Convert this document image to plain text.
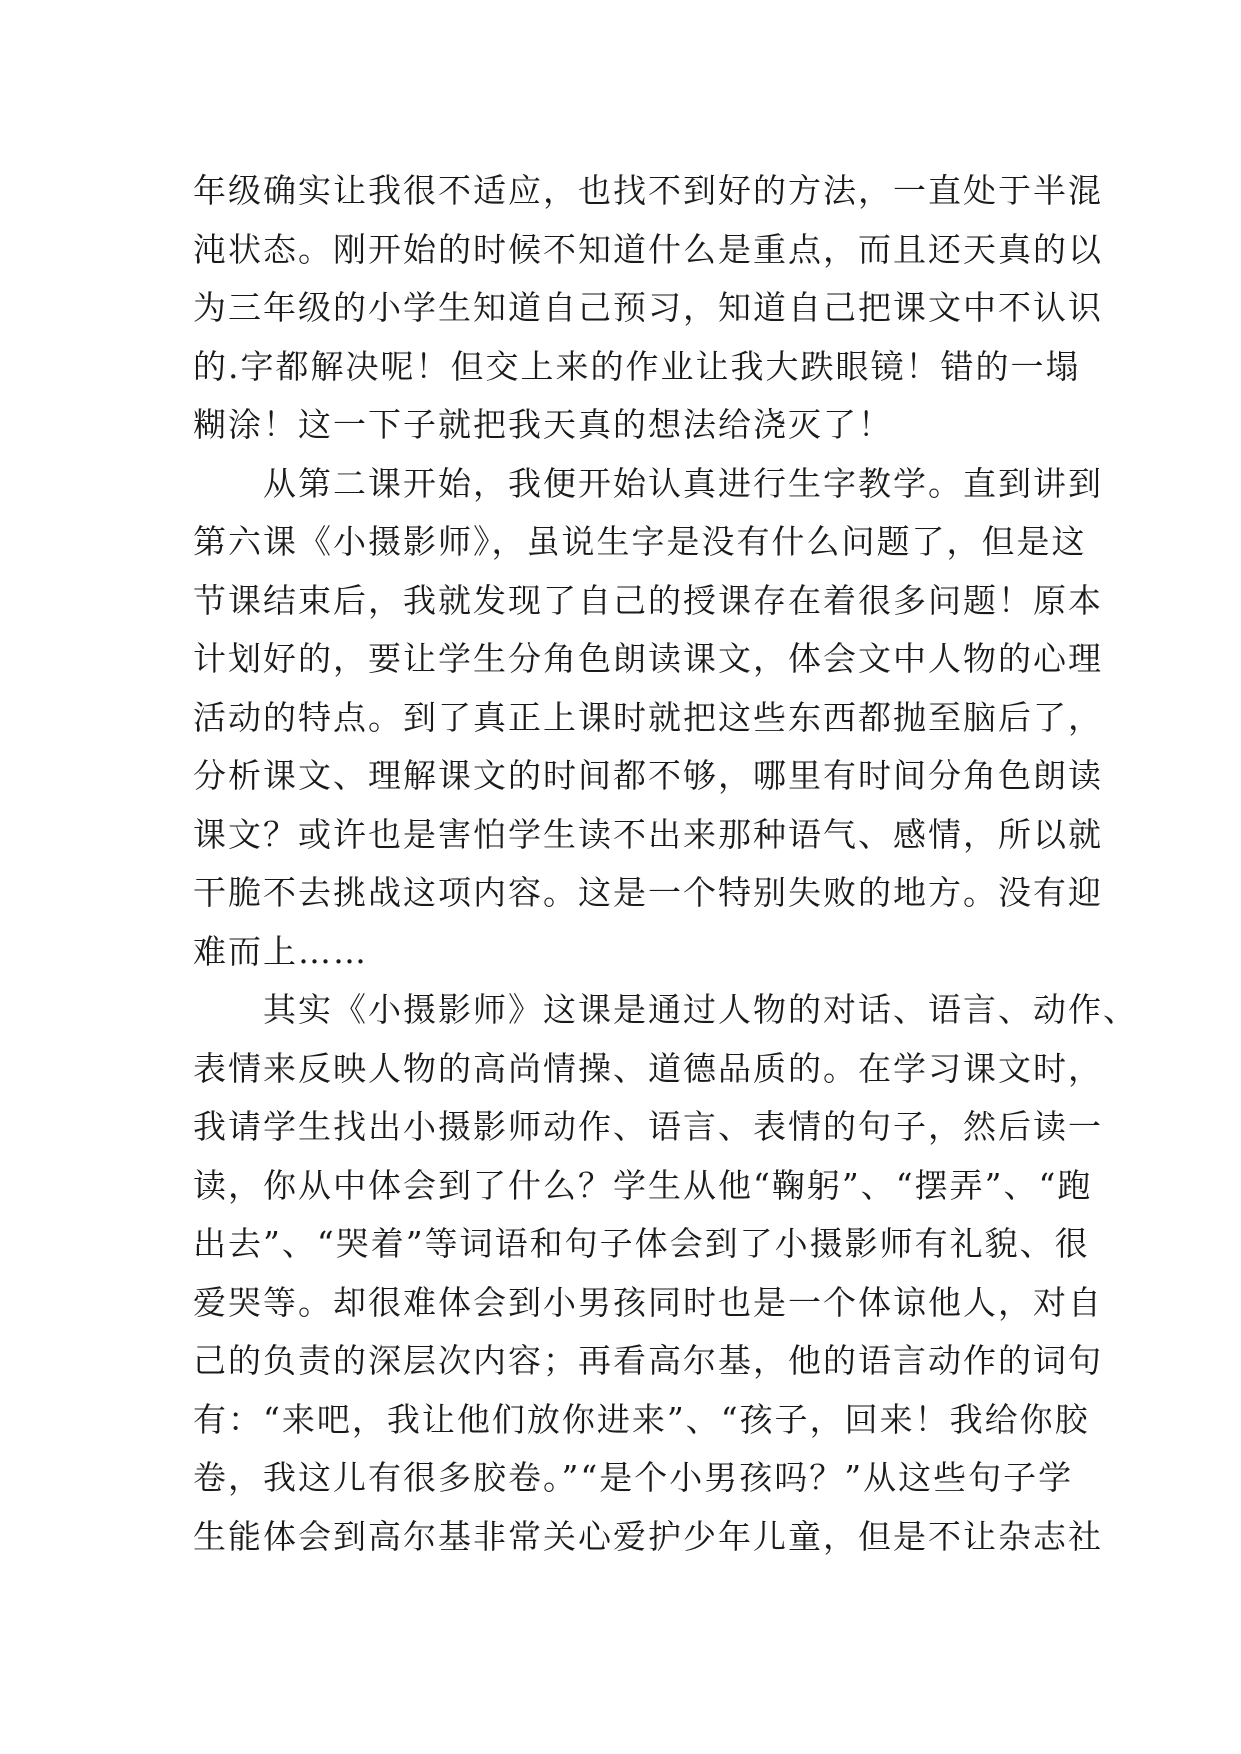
年级确实让我很不适应，也找不到好的方法，一直处于半混
沌状态。刚开始的时候不知道什么是重点，而且还天真的以
为三年级的小学生知道自己预习，知道自己把课文中不认识
的.字都解决呢！但交上来的作业让我大跌眼镜！错的一塌
糊涂！这一下子就把我天真的想法给浇灭了！
从第二课开始，我便开始认真进行生字教学。直到讲到
第六课《小摄影师》，虽说生字是没有什么问题了，但是这
节课结束后，我就发现了自己的授课存在着很多问题！原本
计划好的，要让学生分角色朗读课文，体会文中人物的心理
活动的特点。到了真正上课时就把这些东西都抛至脑后了，
分析课文、理解课文的时间都不够，哪里有时间分角色朗读
课文？或许也是害怕学生读不出来那种语气、感情，所以就
干脆不去挑战这项内容。这是一个特别失败的地方。没有迎
难而上……
其实《小摄影师》这课是通过人物的对话、语言、动作、
表情来反映人物的高尚情操、道德品质的。在学习课文时，
我请学生找出小摄影师动作、语言、表情的句子，然后读一
读，你从中体会到了什么？学生从他“鞠躬”、“摆弄”、“跑
出去”、“哭着”等词语和句子体会到了小摄影师有礼貌、很
爱哭等。却很难体会到小男孩同时也是一个体谅他人，对自
己的负责的深层次内容；再看高尔基，他的语言动作的词句
有：“来吧，我让他们放你进来”、“孩子，回来！我给你胶
卷，我这儿有很多胶卷。”“是个小男孩吗？”从这些句子学
生能体会到高尔基非常关心爱护少年儿童，但是不让杂志社
